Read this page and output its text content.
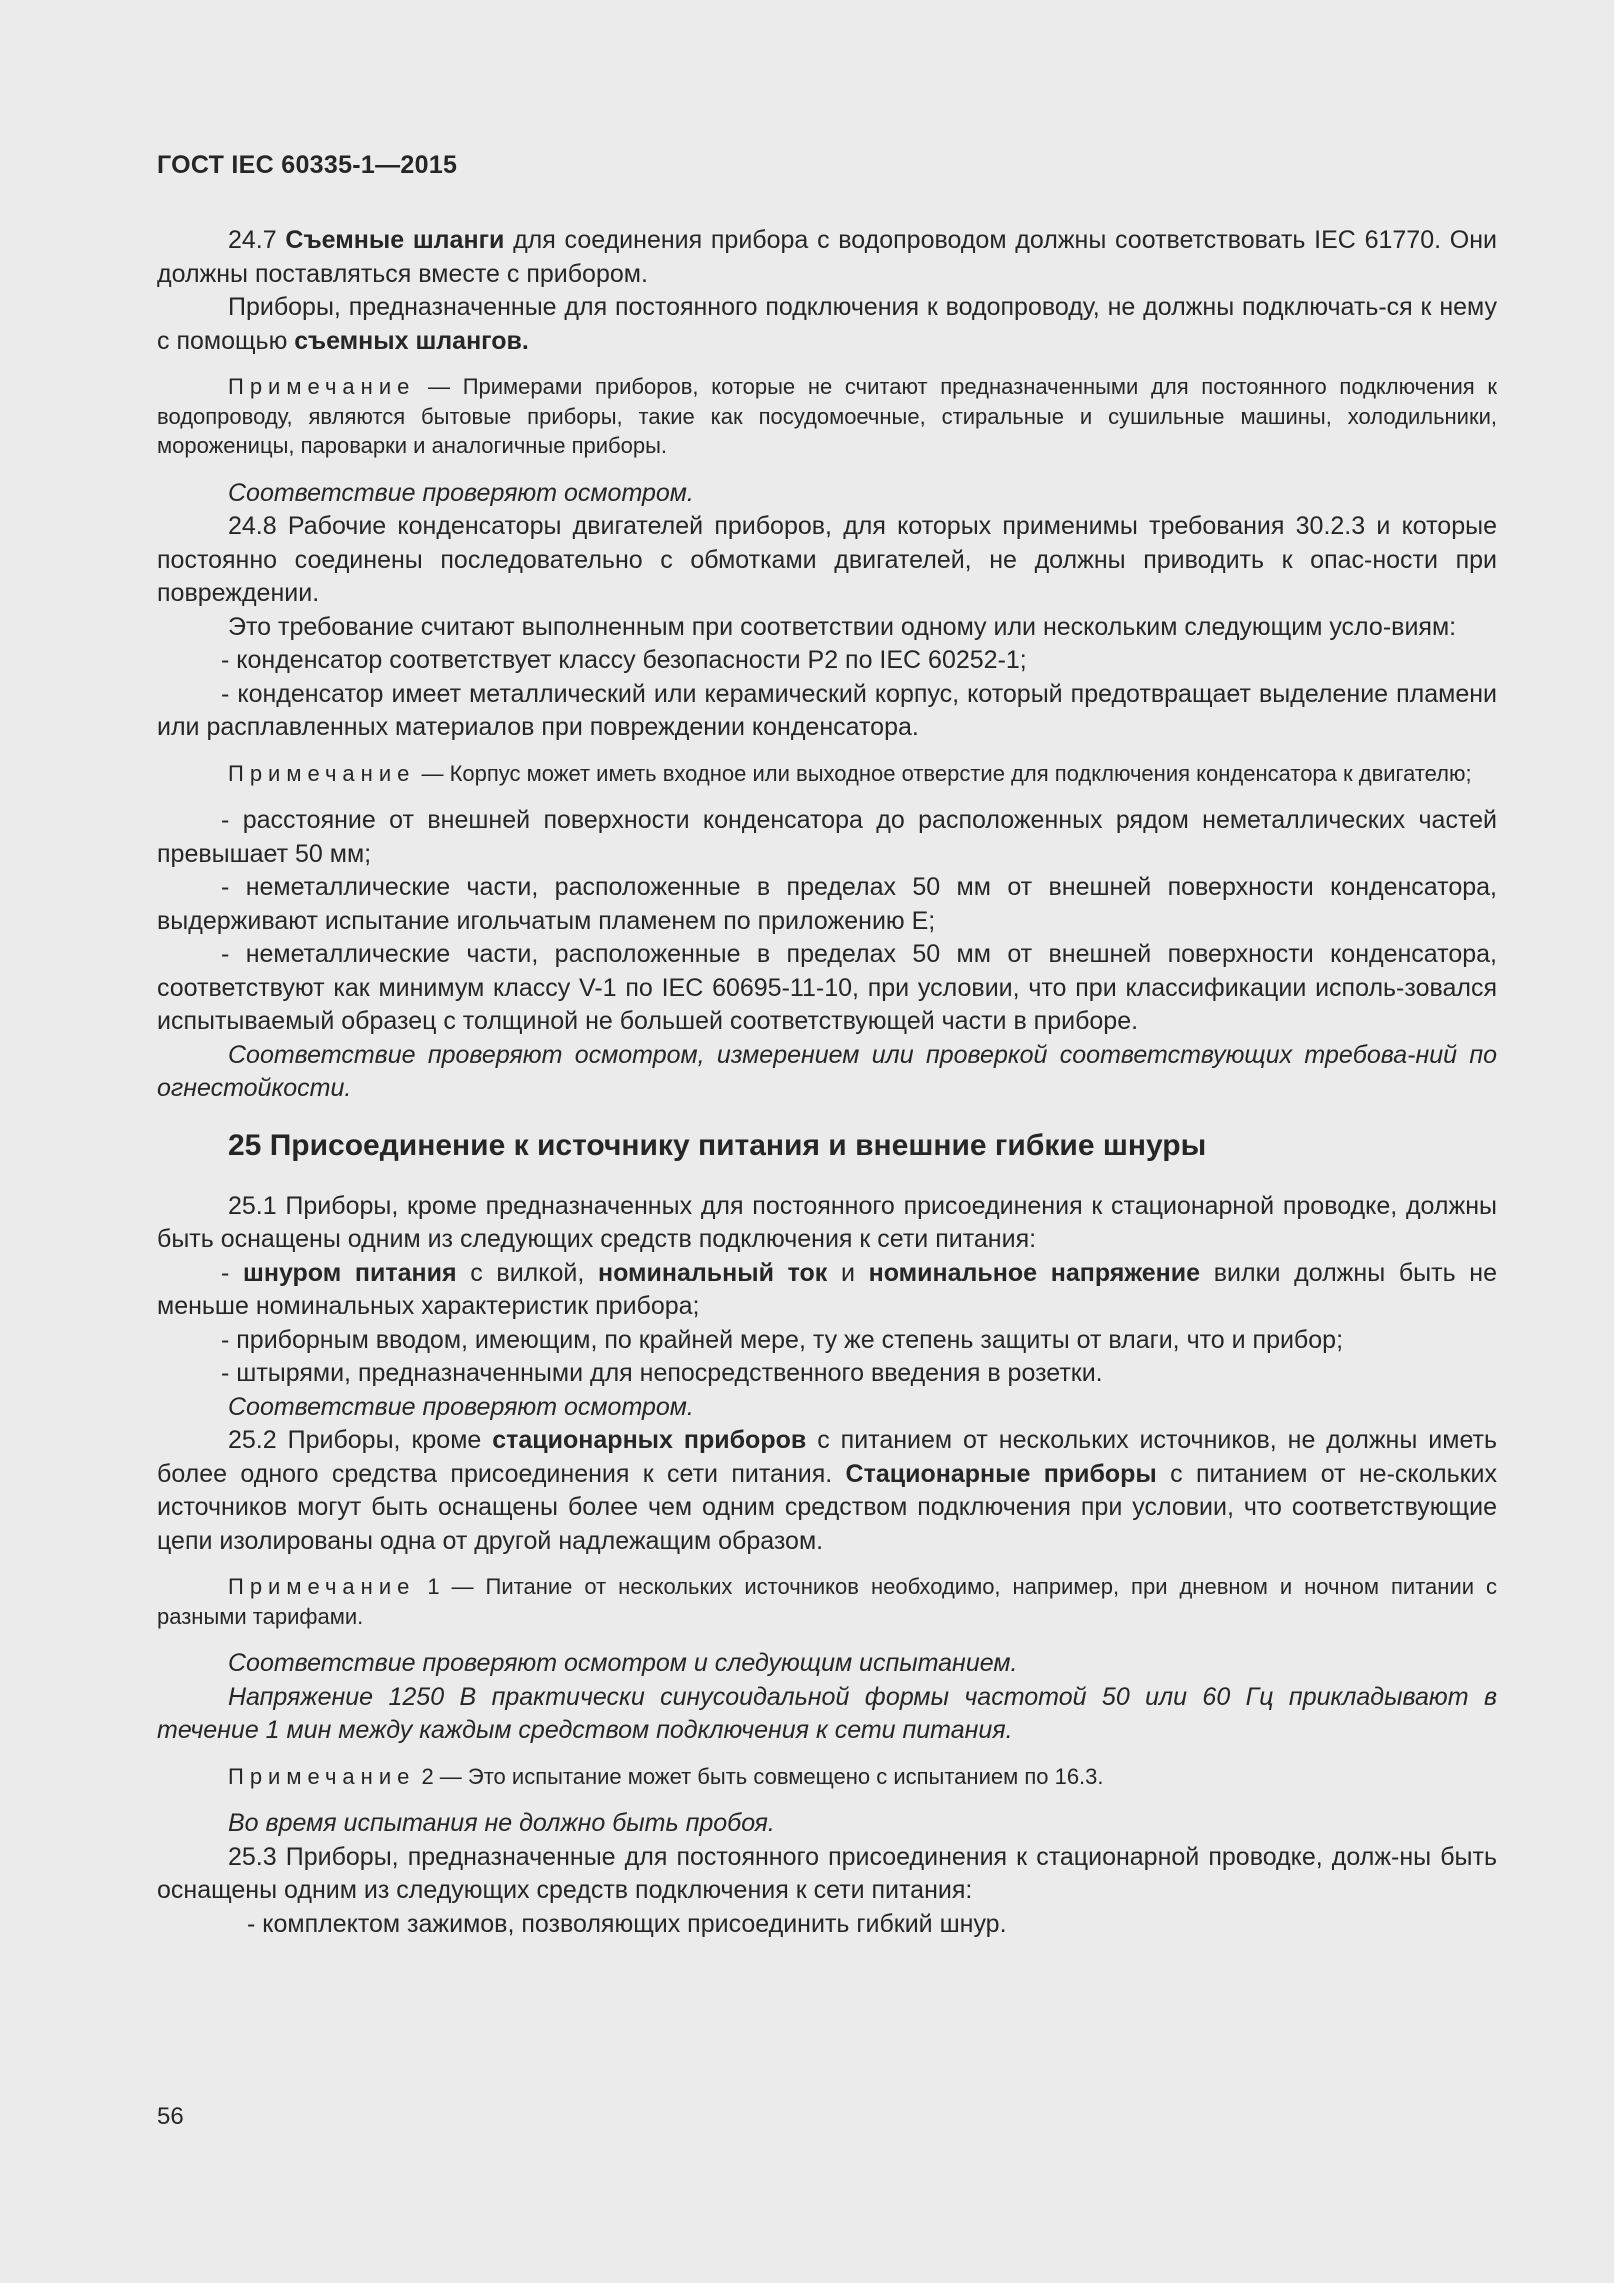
ГОСТ IEC 60335-1—2015

24.7 Съемные шланги для соединения прибора с водопроводом должны соответствовать IEC 61770. Они должны поставляться вместе с прибором.

Приборы, предназначенные для постоянного подключения к водопроводу, не должны подключать-ся к нему с помощью съемных шлангов.

Примечание — Примерами приборов, которые не считают предназначенными для постоянного подключения к водопроводу, являются бытовые приборы, такие как посудомоечные, стиральные и сушильные машины, холодильники, мороженицы, пароварки и аналогичные приборы.

Соответствие проверяют осмотром.

24.8 Рабочие конденсаторы двигателей приборов, для которых применимы требования 30.2.3 и которые постоянно соединены последовательно с обмотками двигателей, не должны приводить к опас-ности при повреждении.

Это требование считают выполненным при соответствии одному или нескольким следующим усло-виям:

- конденсатор соответствует классу безопасности P2 по IEC 60252-1;

- конденсатор имеет металлический или керамический корпус, который предотвращает выделение пламени или расплавленных материалов при повреждении конденсатора.

Примечание — Корпус может иметь входное или выходное отверстие для подключения конденсатора к двигателю;

- расстояние от внешней поверхности конденсатора до расположенных рядом неметаллических частей превышает 50 мм;

- неметаллические части, расположенные в пределах 50 мм от внешней поверхности конденсатора, выдерживают испытание игольчатым пламенем по приложению Е;

- неметаллические части, расположенные в пределах 50 мм от внешней поверхности конденсатора, соответствуют как минимум классу V-1 по IEC 60695-11-10, при условии, что при классификации исполь-зовался испытываемый образец с толщиной не большей соответствующей части в приборе.

Соответствие проверяют осмотром, измерением или проверкой соответствующих требова-ний по огнестойкости.

25 Присоединение к источнику питания и внешние гибкие шнуры

25.1 Приборы, кроме предназначенных для постоянного присоединения к стационарной проводке, должны быть оснащены одним из следующих средств подключения к сети питания:

- шнуром питания с вилкой, номинальный ток и номинальное напряжение вилки должны быть не меньше номинальных характеристик прибора;

- приборным вводом, имеющим, по крайней мере, ту же степень защиты от влаги, что и прибор;

- штырями, предназначенными для непосредственного введения в розетки.

Соответствие проверяют осмотром.

25.2 Приборы, кроме стационарных приборов с питанием от нескольких источников, не должны иметь более одного средства присоединения к сети питания. Стационарные приборы с питанием от не-скольких источников могут быть оснащены более чем одним средством подключения при условии, что соответствующие цепи изолированы одна от другой надлежащим образом.

Примечание 1 — Питание от нескольких источников необходимо, например, при дневном и ночном питании с разными тарифами.

Соответствие проверяют осмотром и следующим испытанием.

Напряжение 1250 В практически синусоидальной формы частотой 50 или 60 Гц прикладывают в течение 1 мин между каждым средством подключения к сети питания.

Примечание 2 — Это испытание может быть совмещено с испытанием по 16.3.

Во время испытания не должно быть пробоя.

25.3 Приборы, предназначенные для постоянного присоединения к стационарной проводке, долж-ны быть оснащены одним из следующих средств подключения к сети питания:

- комплектом зажимов, позволяющих присоединить гибкий шнур.

56
